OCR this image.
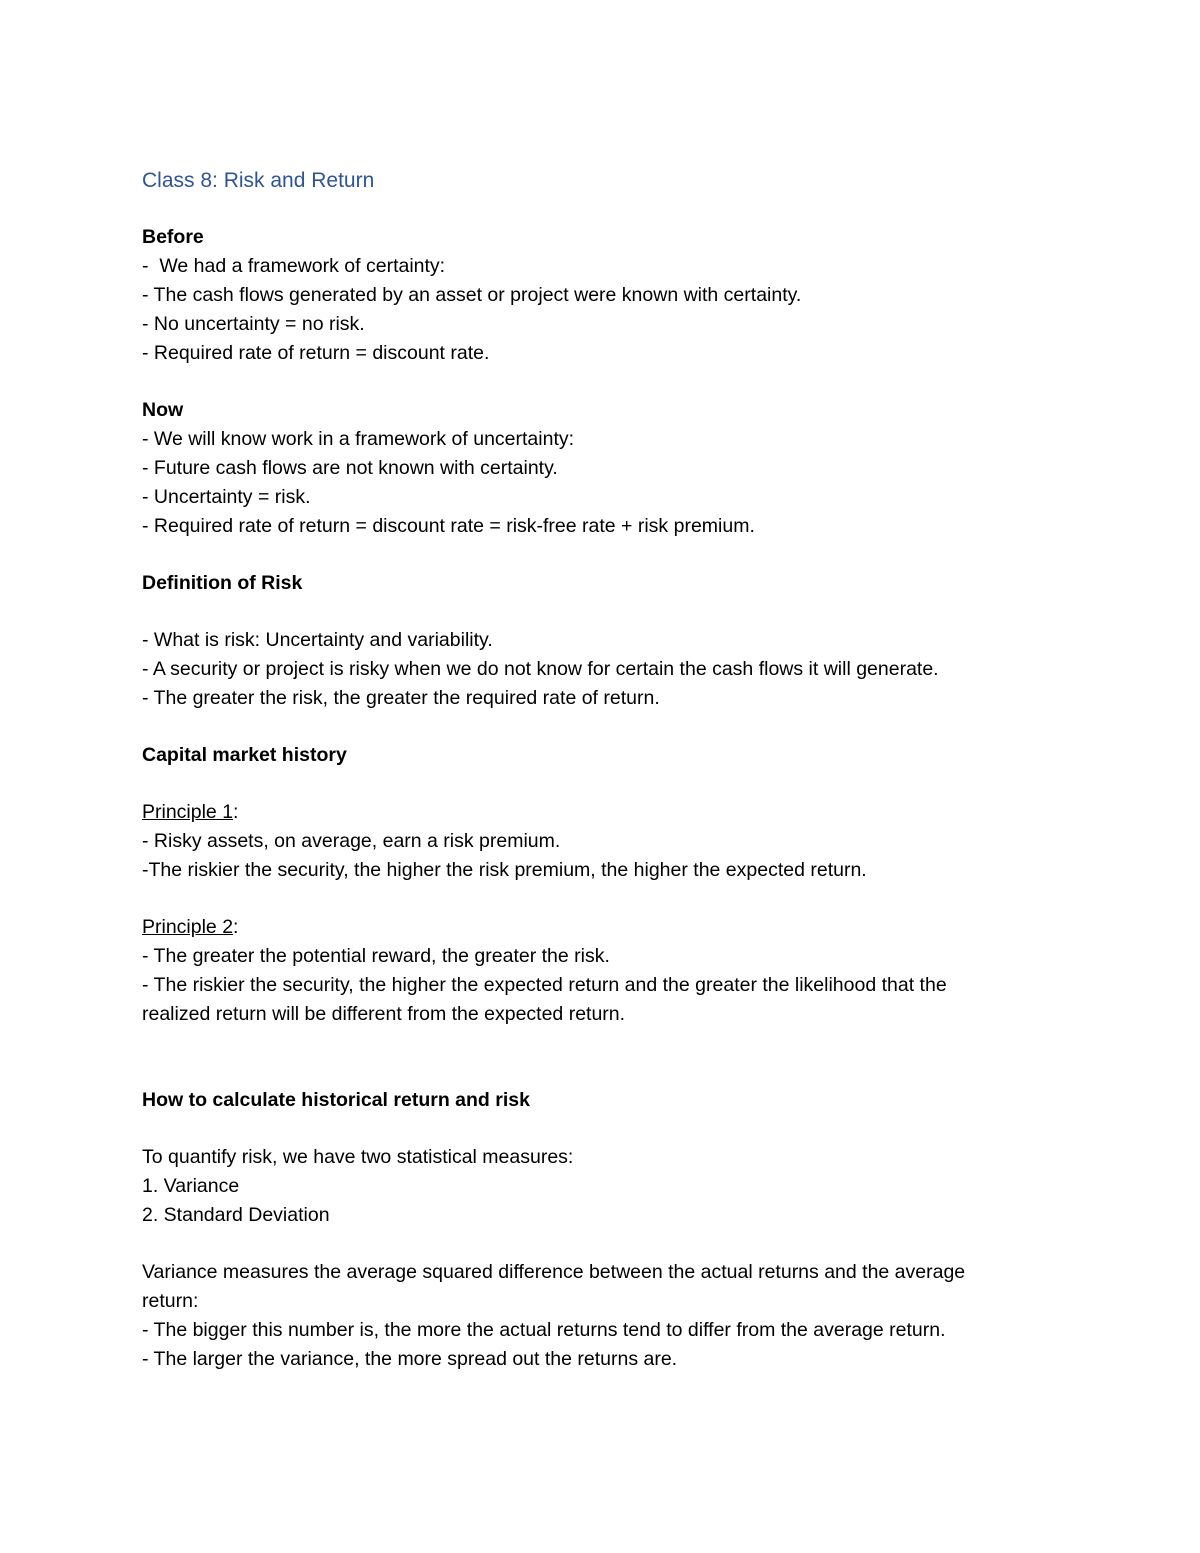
Class 8: Risk and Return
Before
-  We had a framework of certainty:
- The cash flows generated by an asset or project were known with certainty.
- No uncertainty = no risk.
- Required rate of return = discount rate.
Now
- We will know work in a framework of uncertainty:
- Future cash flows are not known with certainty.
- Uncertainty = risk.
- Required rate of return = discount rate = risk-free rate + risk premium.
Definition of Risk
- What is risk: Uncertainty and variability.
- A security or project is risky when we do not know for certain the cash flows it will generate.
- The greater the risk, the greater the required rate of return.
Capital market history
Principle 1:
- Risky assets, on average, earn a risk premium.
-The riskier the security, the higher the risk premium, the higher the expected return.
Principle 2:
- The greater the potential reward, the greater the risk.
- The riskier the security, the higher the expected return and the greater the likelihood that the
realized return will be different from the expected return.
How to calculate historical return and risk
To quantify risk, we have two statistical measures:
1. Variance
2. Standard Deviation
Variance measures the average squared difference between the actual returns and the average
return:
- The bigger this number is, the more the actual returns tend to differ from the average return.
- The larger the variance, the more spread out the returns are.
